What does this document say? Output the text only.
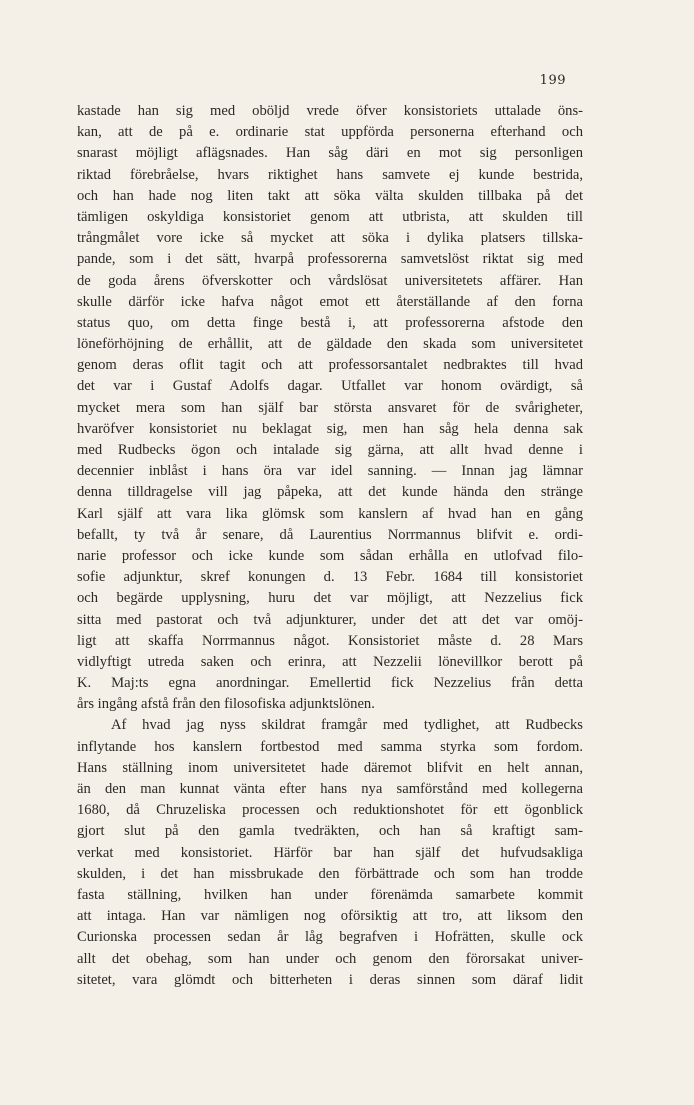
199
kastade han sig med oböljd vrede öfver konsistoriets uttalade öns-
kan, att de på e. ordinarie stat uppförda personerna efterhand och
snarast möjligt aflägsnades. Han såg däri en mot sig personligen
riktad förebråelse, hvars riktighet hans samvete ej kunde bestrida,
och han hade nog liten takt att söka välta skulden tillbaka på det
tämligen oskyldiga konsistoriet genom att utbrista, att skulden till
trångmålet vore icke så mycket att söka i dylika platsers tillska-
pande, som i det sätt, hvarpå professorerna samvetslöst riktat sig med
de goda årens öfverskotter och vårdslösat universitetets affärer. Han
skulle därför icke hafva något emot ett återställande af den forna
status quo, om detta finge bestå i, att professorerna afstode den
löneförhöjning de erhållit, att de gäldade den skada som universitetet
genom deras oflit tagit och att professorsantalet nedbraktes till hvad
det var i Gustaf Adolfs dagar. Utfallet var honom ovärdigt, så
mycket mera som han själf bar största ansvaret för de svårigheter,
hvaröfver konsistoriet nu beklagat sig, men han såg hela denna sak
med Rudbecks ögon och intalade sig gärna, att allt hvad denne i
decennier inblåst i hans öra var idel sanning. — Innan jag lämnar
denna tilldragelse vill jag påpeka, att det kunde hända den stränge
Karl själf att vara lika glömsk som kanslern af hvad han en gång
befallt, ty två år senare, då Laurentius Norrmannus blifvit e. ordi-
narie professor och icke kunde som sådan erhålla en utlofvad filo-
sofie adjunktur, skref konungen d. 13 Febr. 1684 till konsistoriet
och begärde upplysning, huru det var möjligt, att Nezzelius fick
sitta med pastorat och två adjunkturer, under det att det var omöj-
ligt att skaffa Norrmannus något. Konsistoriet måste d. 28 Mars
vidlyftigt utreda saken och erinra, att Nezzelii lönevillkor berott på
K. Maj:ts egna anordningar. Emellertid fick Nezzelius från detta
års ingång afstå från den filosofiska adjunktslönen.
Af hvad jag nyss skildrat framgår med tydlighet, att Rudbecks
inflytande hos kanslern fortbestod med samma styrka som fordom.
Hans ställning inom universitetet hade däremot blifvit en helt annan,
än den man kunnat vänta efter hans nya samförstånd med kollegerna
1680, då Chruzeliska processen och reduktionshotet för ett ögonblick
gjort slut på den gamla tvedräkten, och han så kraftigt sam-
verkat med konsistoriet. Härför bar han själf det hufvudsakliga
skulden, i det han missbrukade den förbättrade och som han trodde
fasta ställning, hvilken han under förenämda samarbete kommit
att intaga. Han var nämligen nog oförsiktig att tro, att liksom den
Curionska processen sedan år låg begrafven i Hofrätten, skulle ock
allt det obehag, som han under och genom den förorsakat univer-
sitetet, vara glömdt och bitterheten i deras sinnen som däraf lidit
